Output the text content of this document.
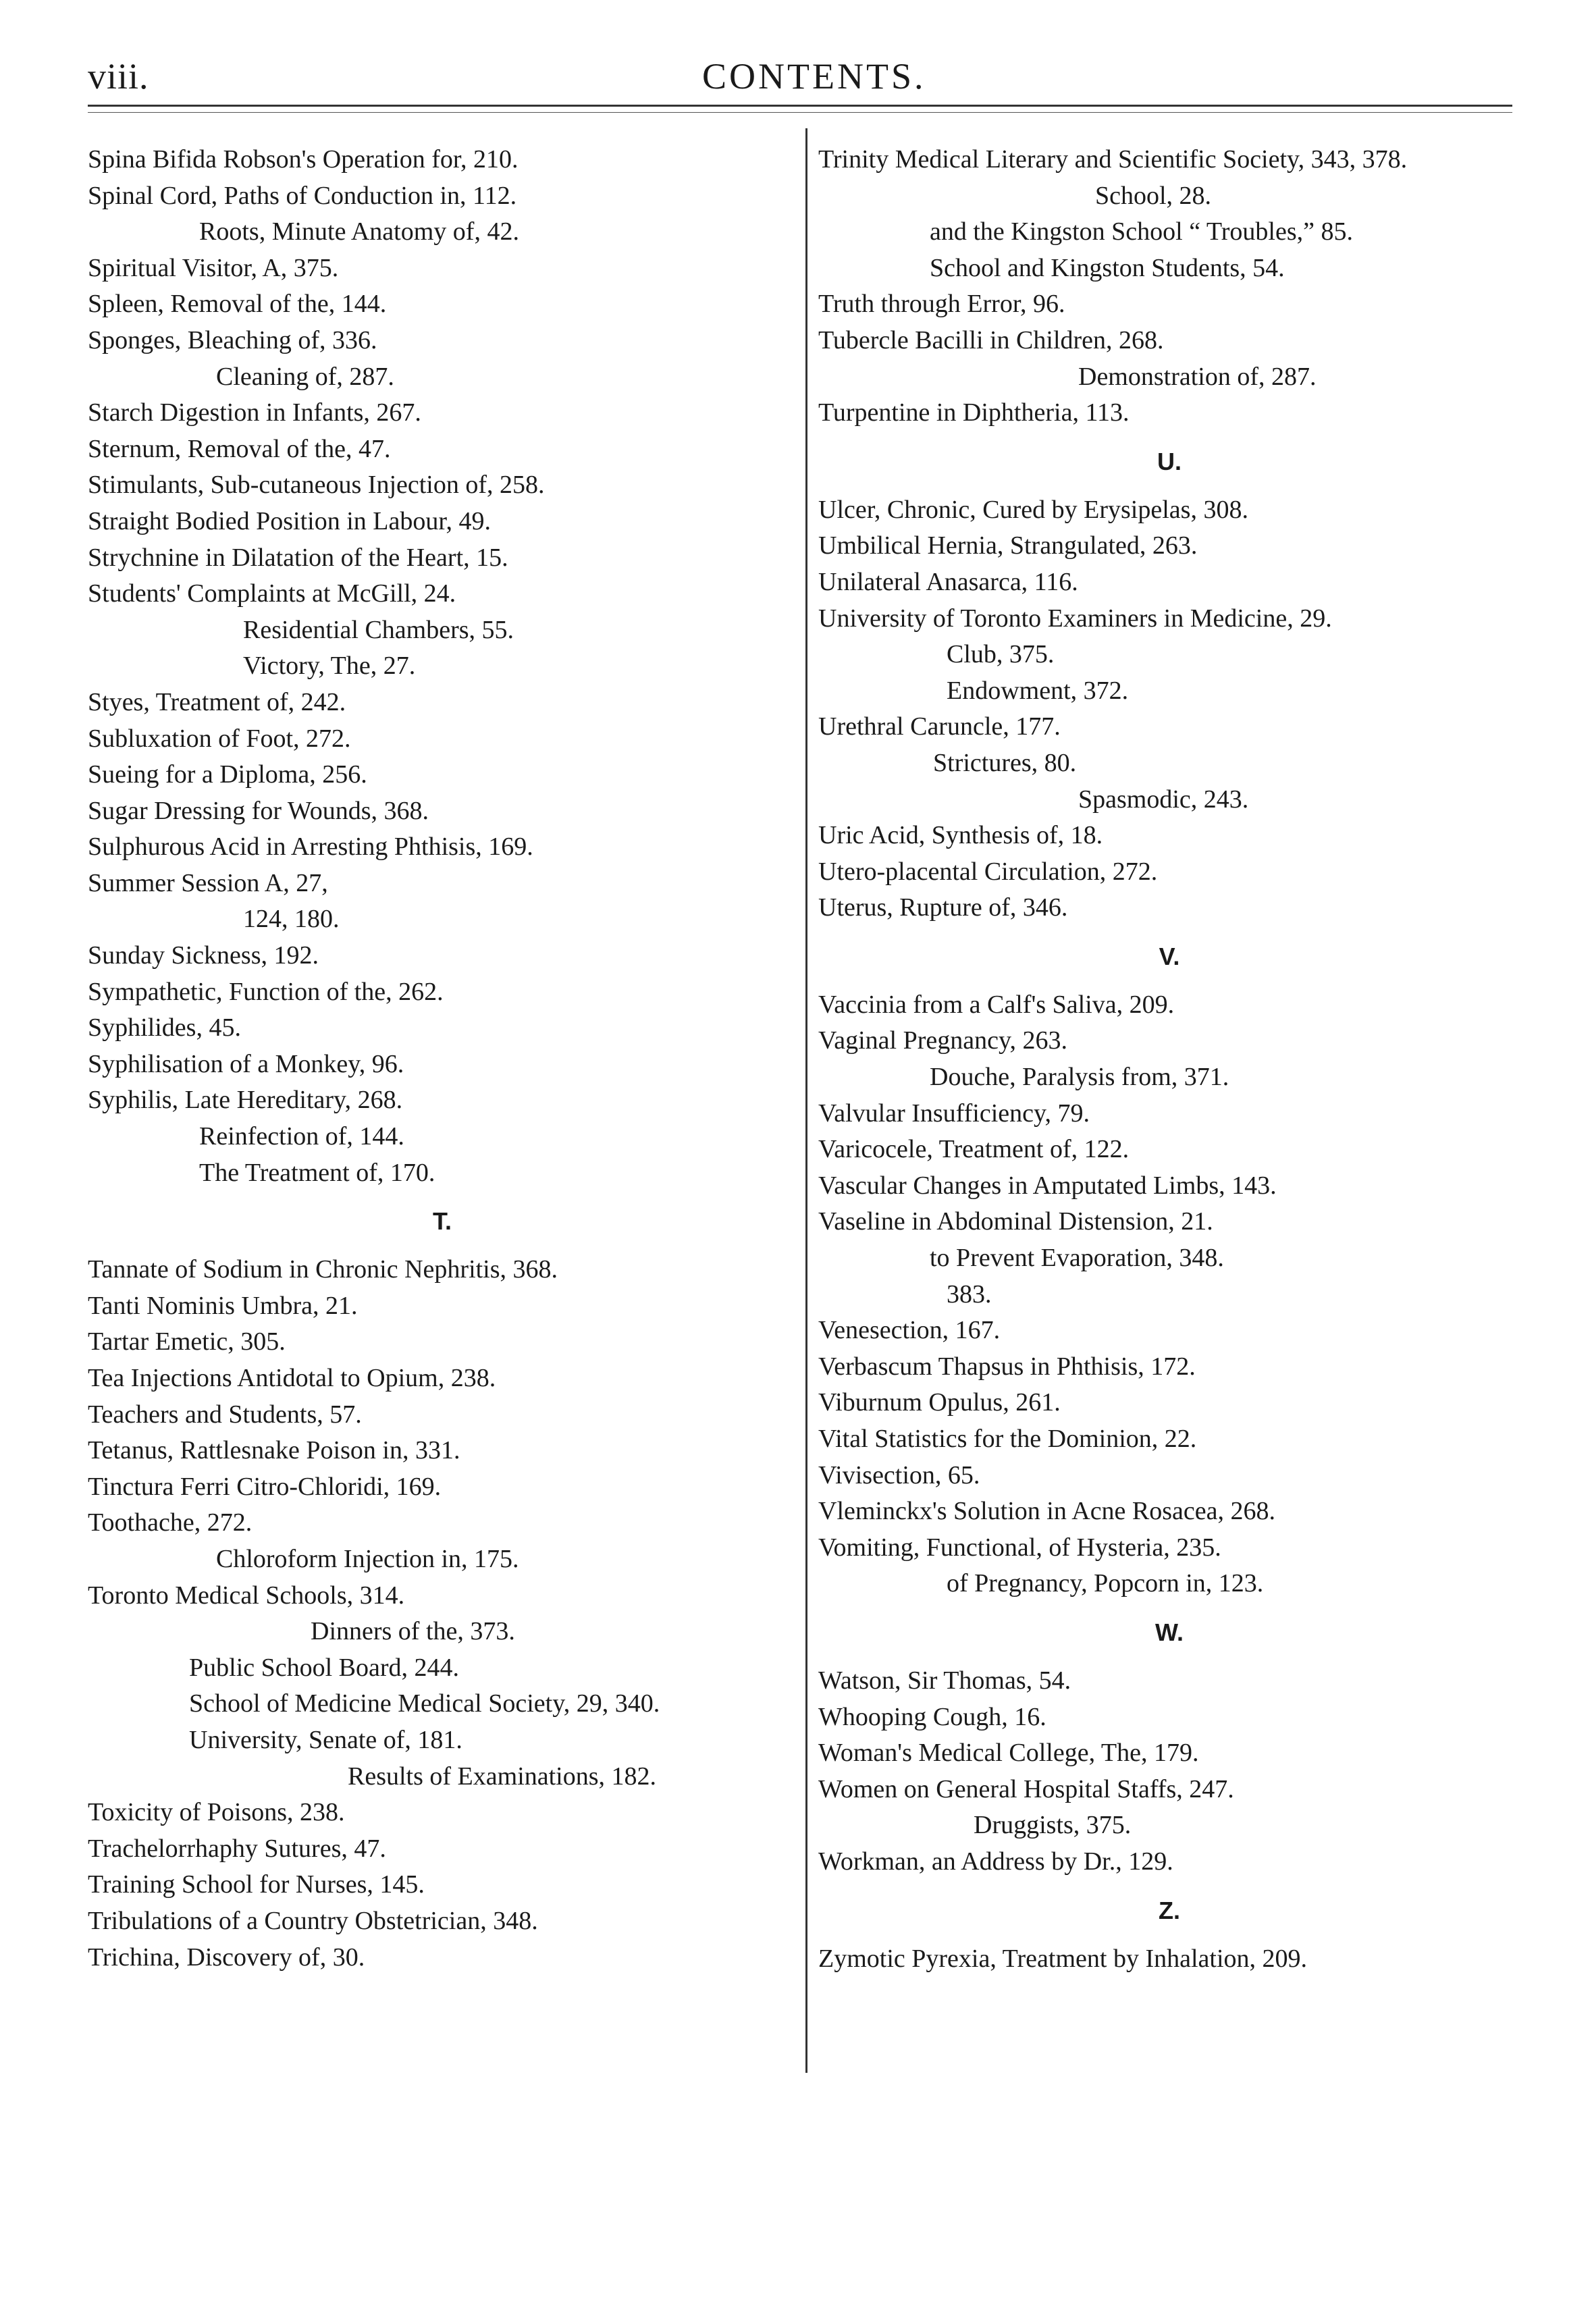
viii.	CONTENTS.
Spina Bifida Robson's Operation for, 210.
Spinal Cord, Paths of Conduction in, 112.
Roots, Minute Anatomy of, 42.
Spiritual Visitor, A, 375.
Spleen, Removal of the, 144.
Sponges, Bleaching of, 336.
Cleaning of, 287.
Starch Digestion in Infants, 267.
Sternum, Removal of the, 47.
Stimulants, Sub-cutaneous Injection of, 258.
Straight Bodied Position in Labour, 49.
Strychnine in Dilatation of the Heart, 15.
Students' Complaints at McGill, 24.
Residential Chambers, 55.
Victory, The, 27.
Styes, Treatment of, 242.
Subluxation of Foot, 272.
Sueing for a Diploma, 256.
Sugar Dressing for Wounds, 368.
Sulphurous Acid in Arresting Phthisis, 169.
Summer Session A, 27,
124, 180.
Sunday Sickness, 192.
Sympathetic, Function of the, 262.
Syphilides, 45.
Syphilisation of a Monkey, 96.
Syphilis, Late Hereditary, 268.
Reinfection of, 144.
The Treatment of, 170.
T.
Tannate of Sodium in Chronic Nephritis, 368.
Tanti Nominis Umbra, 21.
Tartar Emetic, 305.
Tea Injections Antidotal to Opium, 238.
Teachers and Students, 57.
Tetanus, Rattlesnake Poison in, 331.
Tinctura Ferri Citro-Chloridi, 169.
Toothache, 272.
Chloroform Injection in, 175.
Toronto Medical Schools, 314.
Dinners of the, 373.
Public School Board, 244.
School of Medicine Medical Society, 29, 340.
University, Senate of, 181.
Results of Examinations, 182.
Toxicity of Poisons, 238.
Trachelorrhaphy Sutures, 47.
Training School for Nurses, 145.
Tribulations of a Country Obstetrician, 348.
Trichina, Discovery of, 30.
Trinity Medical Literary and Scientific Society, 343, 378.
School, 28.
and the Kingston School “ Troubles,” 85.
School and Kingston Students, 54.
Truth through Error, 96.
Tubercle Bacilli in Children, 268.
Demonstration of, 287.
Turpentine in Diphtheria, 113.
U.
Ulcer, Chronic, Cured by Erysipelas, 308.
Umbilical Hernia, Strangulated, 263.
Unilateral Anasarca, 116.
University of Toronto Examiners in Medicine, 29.
Club, 375.
Endowment, 372.
Urethral Caruncle, 177.
Strictures, 80.
Spasmodic, 243.
Uric Acid, Synthesis of, 18.
Utero-placental Circulation, 272.
Uterus, Rupture of, 346.
V.
Vaccinia from a Calf's Saliva, 209.
Vaginal Pregnancy, 263.
Douche, Paralysis from, 371.
Valvular Insufficiency, 79.
Varicocele, Treatment of, 122.
Vascular Changes in Amputated Limbs, 143.
Vaseline in Abdominal Distension, 21.
to Prevent Evaporation, 348.
383.
Venesection, 167.
Verbascum Thapsus in Phthisis, 172.
Viburnum Opulus, 261.
Vital Statistics for the Dominion, 22.
Vivisection, 65.
Vleminckx's Solution in Acne Rosacea, 268.
Vomiting, Functional, of Hysteria, 235.
of Pregnancy, Popcorn in, 123.
W.
Watson, Sir Thomas, 54.
Whooping Cough, 16.
Woman's Medical College, The, 179.
Women on General Hospital Staffs, 247.
Druggists, 375.
Workman, an Address by Dr., 129.
Z.
Zymotic Pyrexia, Treatment by Inhalation, 209.
